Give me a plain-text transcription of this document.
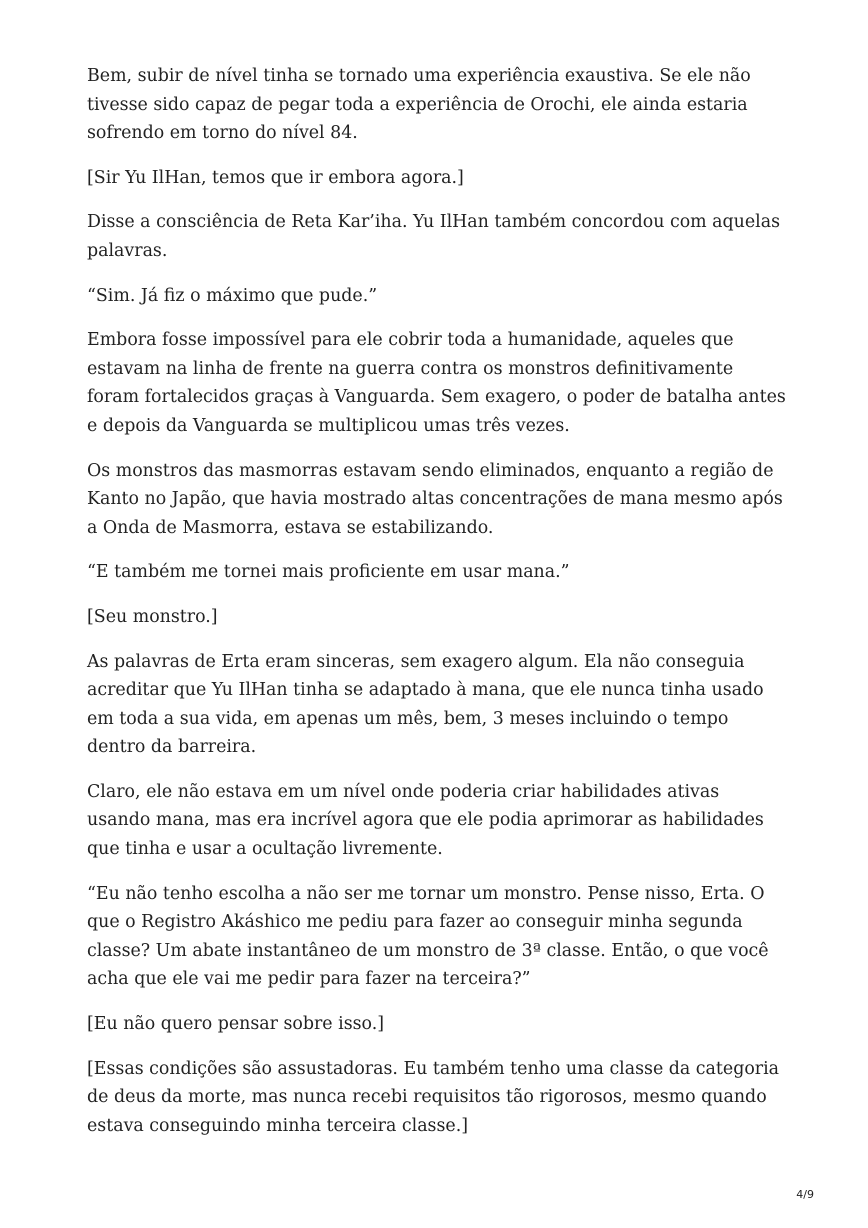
Bem, subir de nível tinha se tornado uma experiência exaustiva. Se ele não tivesse sido capaz de pegar toda a experiência de Orochi, ele ainda estaria sofrendo em torno do nível 84.

[Sir Yu IlHan, temos que ir embora agora.]

Disse a consciência de Reta Kar’iha. Yu IlHan também concordou com aquelas palavras.

“Sim. Já fiz o máximo que pude.”

Embora fosse impossível para ele cobrir toda a humanidade, aqueles que estavam na linha de frente na guerra contra os monstros definitivamente foram fortalecidos graças à Vanguarda. Sem exagero, o poder de batalha antes e depois da Vanguarda se multiplicou umas três vezes.

Os monstros das masmorras estavam sendo eliminados, enquanto a região de Kanto no Japão, que havia mostrado altas concentrações de mana mesmo após a Onda de Masmorra, estava se estabilizando.

“E também me tornei mais proficiente em usar mana.”

[Seu monstro.]

As palavras de Erta eram sinceras, sem exagero algum. Ela não conseguia acreditar que Yu IlHan tinha se adaptado à mana, que ele nunca tinha usado em toda a sua vida, em apenas um mês, bem, 3 meses incluindo o tempo dentro da barreira.

Claro, ele não estava em um nível onde poderia criar habilidades ativas usando mana, mas era incrível agora que ele podia aprimorar as habilidades que tinha e usar a ocultação livremente.

“Eu não tenho escolha a não ser me tornar um monstro. Pense nisso, Erta. O que o Registro Akáshico me pediu para fazer ao conseguir minha segunda classe? Um abate instantâneo de um monstro de 3ª classe. Então, o que você acha que ele vai me pedir para fazer na terceira?”

[Eu não quero pensar sobre isso.]

[Essas condições são assustadoras. Eu também tenho uma classe da categoria de deus da morte, mas nunca recebi requisitos tão rigorosos, mesmo quando estava conseguindo minha terceira classe.]

4/9
